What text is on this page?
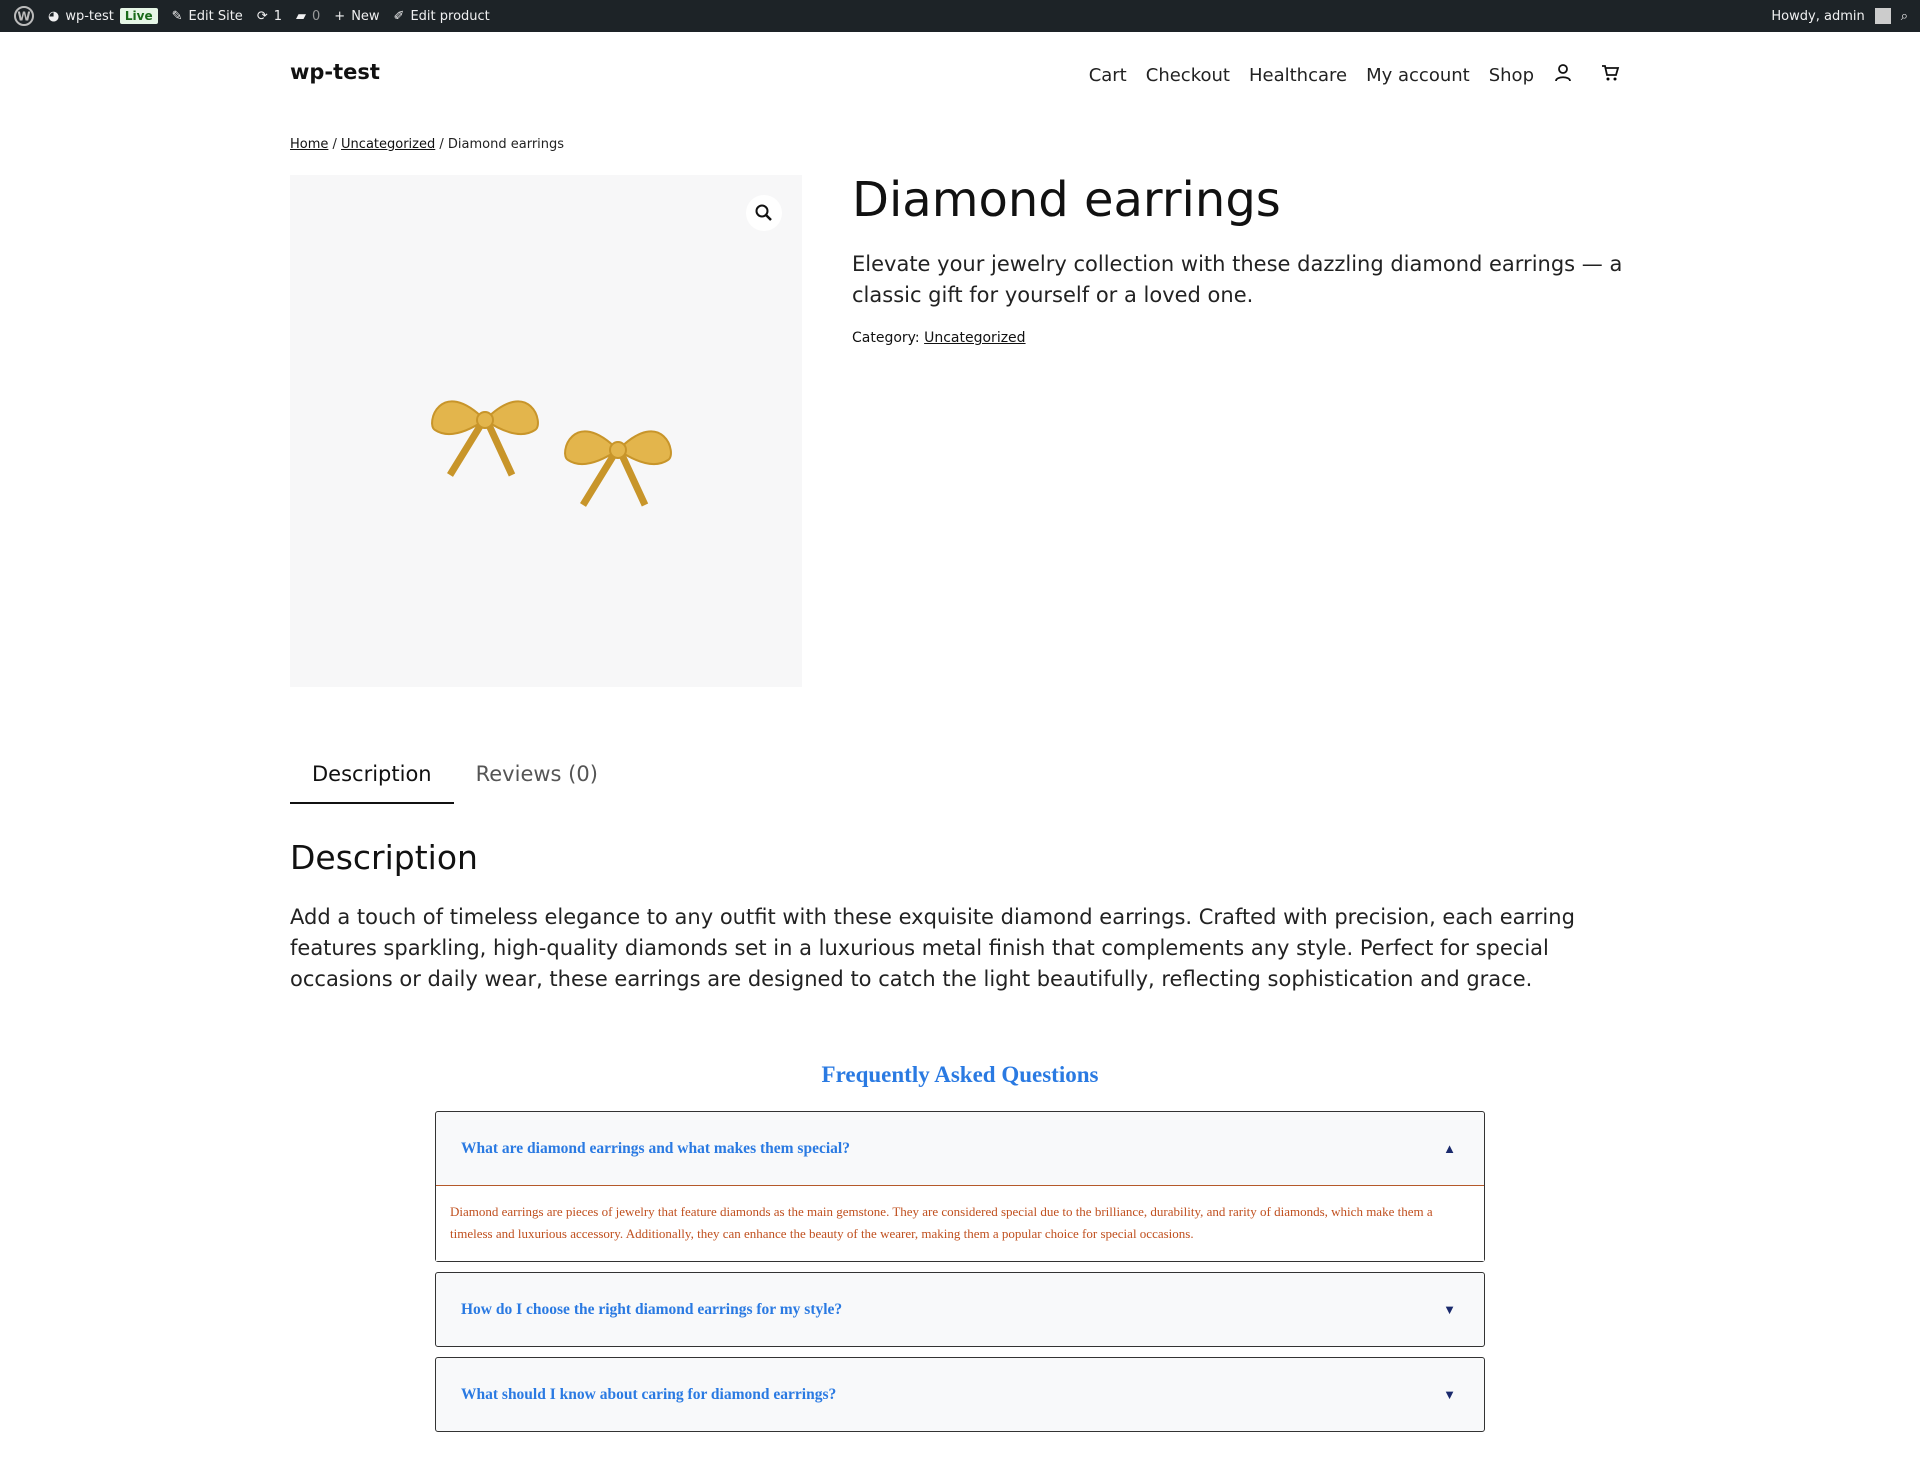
W ◕ wp-test Live	✎ Edit Site ⟳ 1 ▰ 0 + New ✐ Edit product	Howdy, admin	⌕
wp-test	Cart Checkout Healthcare My account Shop
Home / Uncategorized / Diamond earrings
Diamond earrings

Elevate your jewelry collection with these dazzling diamond earrings — a classic gift for yourself or a loved one.

Category: Uncategorized
Description	Reviews (0)
Description

Add a touch of timeless elegance to any outfit with these exquisite diamond earrings. Crafted with precision, each earring features sparkling, high-quality diamonds set in a luxurious metal finish that complements any style. Perfect for special occasions or daily wear, these earrings are designed to catch the light beautifully, reflecting sophistication and grace.

Frequently Asked Questions
What are diamond earrings and what makes them special?	▲
Diamond earrings are pieces of jewelry that feature diamonds as the main gemstone. They are considered special due to the brilliance, durability, and rarity of diamonds, which make them a timeless and luxurious accessory. Additionally, they can enhance the beauty of the wearer, making them a popular choice for special occasions.
How do I choose the right diamond earrings for my style?	▼
What should I know about caring for diamond earrings?	▼
